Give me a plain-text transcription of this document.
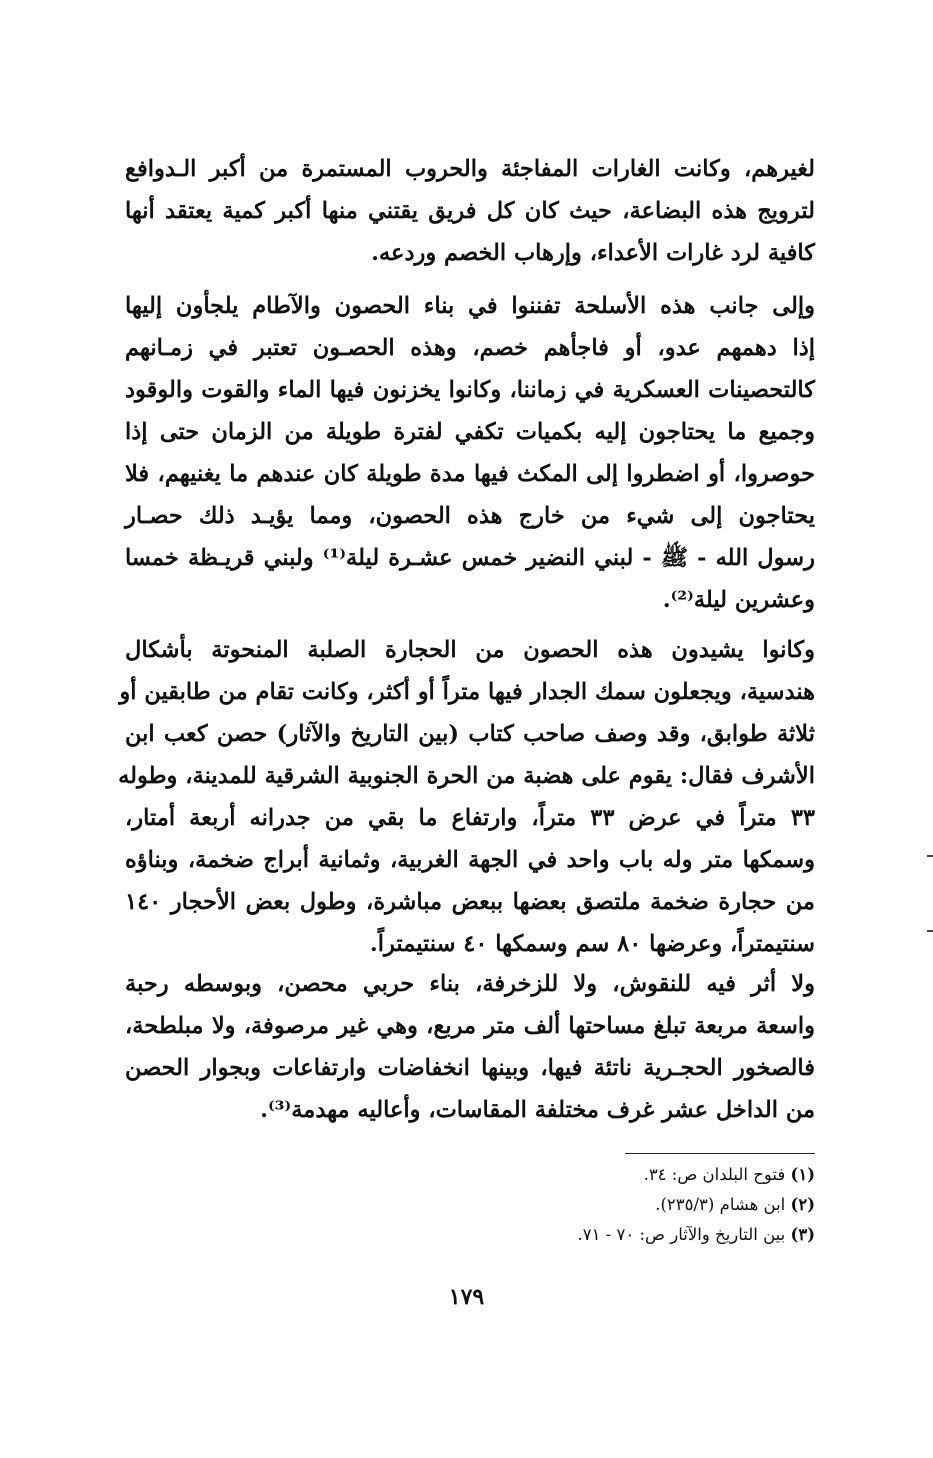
لغيرهم، وكانت الغارات المفاجئة والحروب المستمرة من أكبر الـدوافع
لترويج هذه البضاعة، حيث كان كل فريق يقتني منها أكبر كمية يعتقد أنها
كافية لرد غارات الأعداء، وإرهاب الخصم وردعه.
وإلى جانب هذه الأسلحة تفننوا في بناء الحصون والآطام يلجأون إليها
إذا دهمهم عدو، أو فاجأهم خصم، وهذه الحصـون تعتبر في زمـانهم
كالتحصينات العسكرية في زماننا، وكانوا يخزنون فيها الماء والقوت والوقود
وجميع ما يحتاجون إليه بكميات تكفي لفترة طويلة من الزمان حتى إذا
حوصروا، أو اضطروا إلى المكث فيها مدة طويلة كان عندهم ما يغنيهم، فلا
يحتاجون إلى شيء من خارج هذه الحصون، ومما يؤيـد ذلك حصـار
رسول الله - ﷺ - لبني النضير خمس عشـرة ليلة⁽¹⁾ ولبني قريـظة خمسا
وعشرين ليلة⁽²⁾.
وكانوا يشيدون هذه الحصون من الحجارة الصلبة المنحوتة بأشكال
هندسية، ويجعلون سمك الجدار فيها متراً أو أكثر، وكانت تقام من طابقين أو
ثلاثة طوابق، وقد وصف صاحب كتاب (بين التاريخ والآثار) حصن كعب ابن
الأشرف فقال: يقوم على هضبة من الحرة الجنوبية الشرقية للمدينة، وطوله
٣٣ متراً في عرض ٣٣ متراً، وارتفاع ما بقي من جدرانه أربعة أمتار،
وسمكها متر وله باب واحد في الجهة الغربية، وثمانية أبراج ضخمة، وبناؤه
من حجارة ضخمة ملتصق بعضها ببعض مباشرة، وطول بعض الأحجار ١٤٠
سنتيمتراً، وعرضها ٨٠ سم وسمكها ٤٠ سنتيمتراً.
ولا أثر فيه للنقوش، ولا للزخرفة، بناء حربي محصن، وبوسطه رحبة
واسعة مربعة تبلغ مساحتها ألف متر مربع، وهي غير مرصوفة، ولا مبلطحة،
فالصخور الحجـرية ناتئة فيها، وبينها انخفاضات وارتفاعات وبجوار الحصن
من الداخل عشر غرف مختلفة المقاسات، وأعاليه مهدمة⁽³⁾.
(١) فتوح البلدان ص: ٣٤.
(٢) ابن هشام (٢٣٥/٣).
(٣) بين التاريخ والآثار ص: ٧٠ - ٧١.
١٧٩
